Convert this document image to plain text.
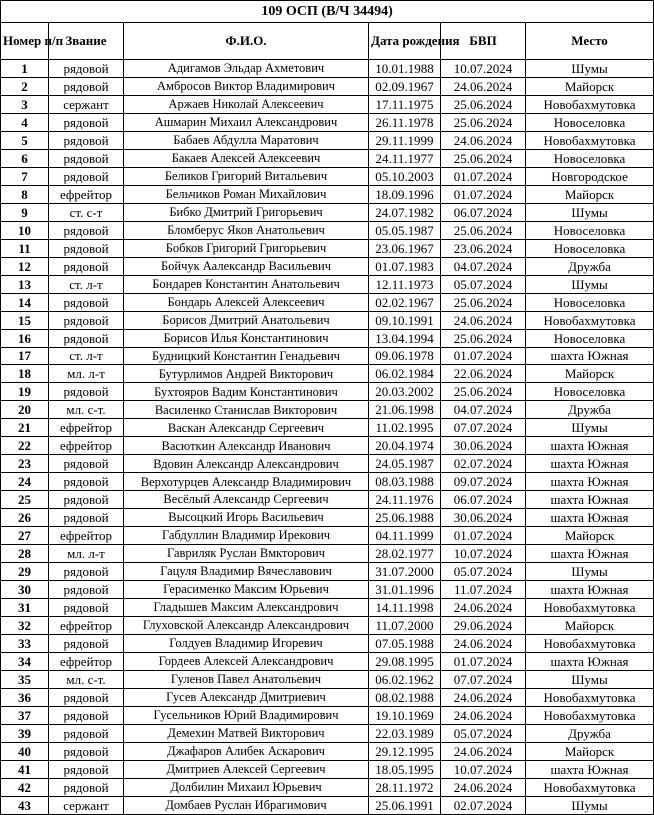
109 ОСП (В/Ч 34494)					
Номер п/п	Звание	Ф.И.О.	Дата рождения	БВП	Место
1	рядовой	Адигамов Эльдар Ахметович	10.01.1988	10.07.2024	Шумы
2	рядовой	Амбросов Виктор Владимирович	02.09.1967	24.06.2024	Майорск
3	сержант	Аржаев Николай Алексеевич	17.11.1975	25.06.2024	Новобахмутовка
4	рядовой	Ашмарин Михаил Александрович	26.11.1978	25.06.2024	Новоселовка
5	рядовой	Бабаев Абдулла Маратович	29.11.1999	24.06.2024	Новобахмутовка
6	рядовой	Бакаев Алексей Алексеевич	24.11.1977	25.06.2024	Новоселовка
7	рядовой	Беликов Григорий Витальевич	05.10.2003	01.07.2024	Новгородское
8	ефрейтор	Бельчиков Роман Михайлович	18.09.1996	01.07.2024	Майорск
9	ст. с-т	Бибко Дмитрий Григорьевич	24.07.1982	06.07.2024	Шумы
10	рядовой	Бломберус Яков Анатольевич	05.05.1987	25.06.2024	Новоселовка
11	рядовой	Бобков Григорий Григорьевич	23.06.1967	23.06.2024	Новоселовка
12	рядовой	Бойчук Аалександр Васильевич	01.07.1983	04.07.2024	Дружба
13	ст. л-т	Бондарев Константин Анатольевич	12.11.1973	05.07.2024	Шумы
14	рядовой	Бондарь Алексей Алексеевич	02.02.1967	25.06.2024	Новоселовка
15	рядовой	Борисов Дмитрий Анатольевич	09.10.1991	24.06.2024	Новобахмутовка
16	рядовой	Борисов Илья Константинович	13.04.1994	25.06.2024	Новоселовка
17	ст. л-т	Будницкий Константин Генадьевич	09.06.1978	01.07.2024	шахта Южная
18	мл. л-т	Бутурлимов Андрей Викторович	06.02.1984	22.06.2024	Майорск
19	рядовой	Бухтояров Вадим Константинович	20.03.2002	25.06.2024	Новоселовка
20	мл. с-т.	Василенко Станислав Викторович	21.06.1998	04.07.2024	Дружба
21	ефрейтор	Васкан Александр Сергеевич	11.02.1995	07.07.2024	Шумы
22	ефрейтор	Васюткин Александр Иванович	20.04.1974	30.06.2024	шахта Южная
23	рядовой	Вдовин Александр Александрович	24.05.1987	02.07.2024	шахта Южная
24	рядовой	Верхотурцев Александр Владимирович	08.03.1988	09.07.2024	шахта Южная
25	рядовой	Весёлый Александр Сергеевич	24.11.1976	06.07.2024	шахта Южная
26	рядовой	Высоцкий Игорь Васильевич	25.06.1988	30.06.2024	шахта Южная
27	ефрейтор	Габдуллин Владимир Ирекович	04.11.1999	01.07.2024	Майорск
28	мл. л-т	Гавриляк Руслан Вмкторович	28.02.1977	10.07.2024	шахта Южная
29	рядовой	Гацуля Владимир Вячеславович	31.07.2000	05.07.2024	Шумы
30	рядовой	Герасименко Максим Юрьевич	31.01.1996	11.07.2024	шахта Южная
31	рядовой	Гладышев Максим Александрович	14.11.1998	24.06.2024	Новобахмутовка
32	ефрейтор	Глуховской Александр Александрович	11.07.2000	29.06.2024	Майорск
33	рядовой	Голдуев Владимир Игоревич	07.05.1988	24.06.2024	Новобахмутовка
34	ефрейтор	Гордеев Алексей Александрович	29.08.1995	01.07.2024	шахта Южная
35	мл. с-т.	Гуленов Павел Анатольевич	06.02.1962	07.07.2024	Шумы
36	рядовой	Гусев Александр Дмитриевич	08.02.1988	24.06.2024	Новобахмутовка
37	рядовой	Гусельников Юрий Владимирович	19.10.1969	24.06.2024	Новобахмутовка
39	рядовой	Демехин Матвей Викторович	22.03.1989	05.07.2024	Дружба
40	рядовой	Джафаров Алибек Аскарович	29.12.1995	24.06.2024	Майорск
41	рядовой	Дмитриев Алексей Сергеевич	18.05.1995	10.07.2024	шахта Южная
42	рядовой	Долбилин Михаил Юрьевич	28.11.1972	24.06.2024	Новобахмутовка
43	сержант	Домбаев Руслан Ибрагимович	25.06.1991	02.07.2024	Шумы
